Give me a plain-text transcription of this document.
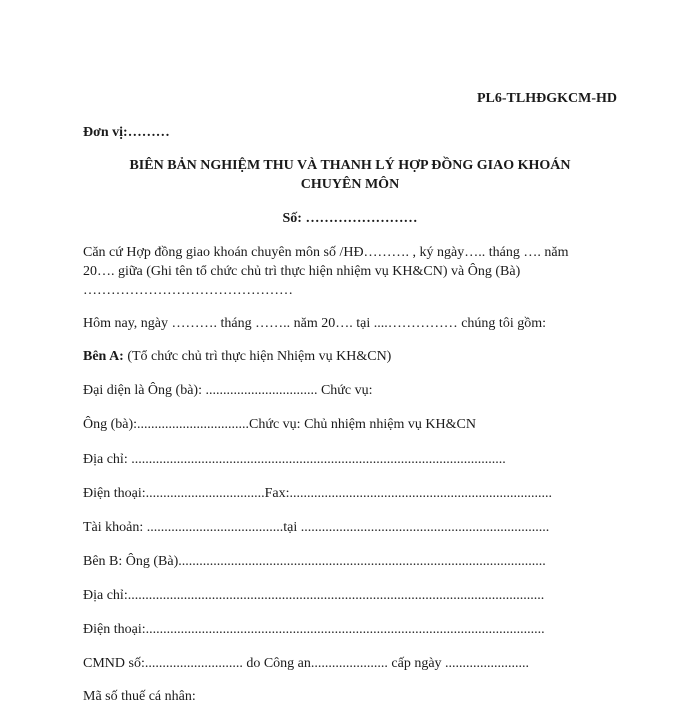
PL6-TLHĐGKCM-HD
Đơn vị:………
BIÊN BẢN NGHIỆM THU VÀ THANH LÝ HỢP ĐỒNG GIAO KHOÁN
CHUYÊN MÔN
Số: ……………………
Căn cứ Hợp đồng giao khoán chuyên môn số /HĐ………. , ký ngày….. tháng …. năm
20…. giữa (Ghi tên tổ chức chủ trì thực hiện nhiệm vụ KH&CN) và Ông (Bà)
………………………………………
Hôm nay, ngày ………. tháng …….. năm 20…. tại ....…………… chúng tôi gồm:
Bên A: (Tổ chức chủ trì thực hiện Nhiệm vụ KH&CN)
Đại diện là Ông (bà): ................................ Chức vụ:
Ông (bà):................................Chức vụ: Chủ nhiệm nhiệm vụ KH&CN
Địa chỉ: ...........................................................................................................
Điện thoại:..................................Fax:...........................................................................
Tài khoản: .......................................tại .......................................................................
Bên B: Ông (Bà).........................................................................................................
Địa chỉ:.......................................................................................................................
Điện thoại:..................................................................................................................
CMND số:............................ do Công an...................... cấp ngày ........................
Mã số thuế cá nhân:
